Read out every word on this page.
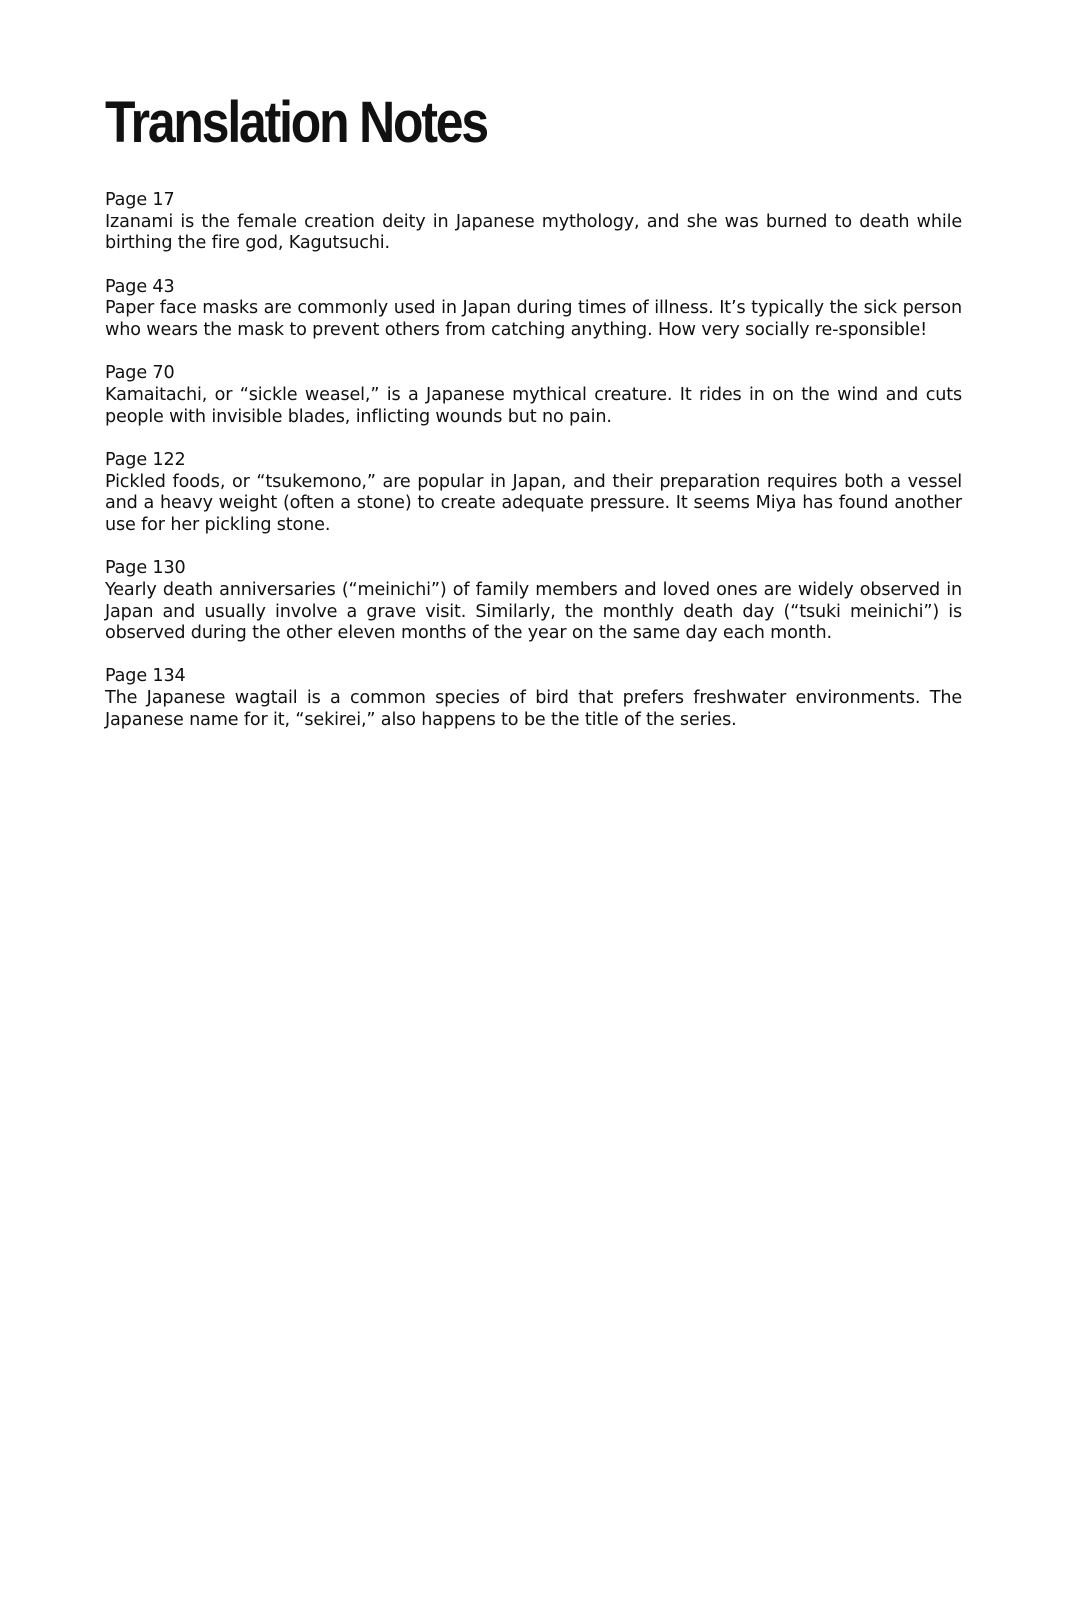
Translation Notes
Page 17
Izanami is the female creation deity in Japanese mythology, and she was burned to death while birthing the fire god, Kagutsuchi.
Page 43
Paper face masks are commonly used in Japan during times of illness. It’s typically the sick person who wears the mask to prevent others from catching anything. How very socially re-sponsible!
Page 70
Kamaitachi, or “sickle weasel,” is a Japanese mythical creature. It rides in on the wind and cuts people with invisible blades, inflicting wounds but no pain.
Page 122
Pickled foods, or “tsukemono,” are popular in Japan, and their preparation requires both a vessel and a heavy weight (often a stone) to create adequate pressure. It seems Miya has found another use for her pickling stone.
Page 130
Yearly death anniversaries (“meinichi”) of family members and loved ones are widely observed in Japan and usually involve a grave visit. Similarly, the monthly death day (“tsuki meinichi”) is observed during the other eleven months of the year on the same day each month.
Page 134
The Japanese wagtail is a common species of bird that prefers freshwater environments. The Japanese name for it, “sekirei,” also happens to be the title of the series.
